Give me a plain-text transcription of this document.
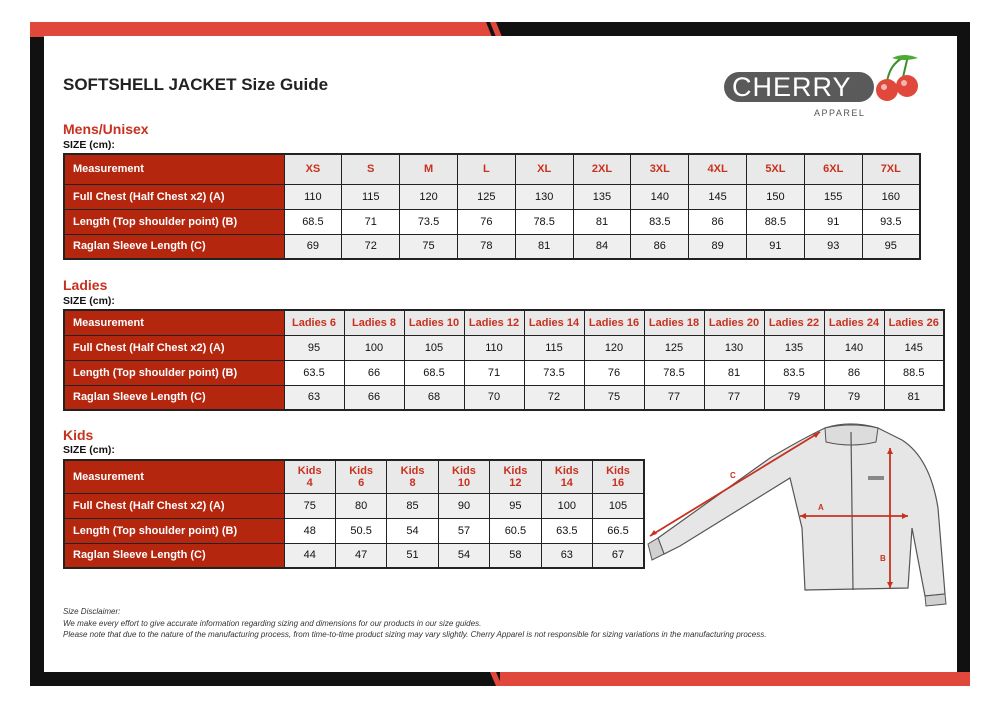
SOFTSHELL JACKET Size Guide	CHERRY
APPAREL
Mens/Unisex
SIZE (cm):
Measurement	XS	S	M	L	XL	2XL	3XL	4XL	5XL	6XL	7XL
Full Chest (Half Chest x2) (A)	110	115	120	125	130	135	140	145	150	155	160
Length (Top shoulder point) (B)	68.5	71	73.5	76	78.5	81	83.5	86	88.5	91	93.5
Raglan Sleeve Length (C)	69	72	75	78	81	84	86	89	91	93	95
Ladies
SIZE (cm):
Measurement	Ladies 6	Ladies 8	Ladies 10	Ladies 12	Ladies 14	Ladies 16	Ladies 18	Ladies 20	Ladies 22	Ladies 24	Ladies 26
Full Chest (Half Chest x2) (A)	95	100	105	110	115	120	125	130	135	140	145
Length (Top shoulder point) (B)	63.5	66	68.5	71	73.5	76	78.5	81	83.5	86	88.5
Raglan Sleeve Length (C)	63	66	68	70	72	75	77	77	79	79	81
Kids
SIZE (cm):
Measurement	Kids 4	Kids 6	Kids 8	Kids 10	Kids 12	Kids 14	Kids 16
Full Chest (Half Chest x2) (A)	75	80	85	90	95	100	105
Length (Top shoulder point) (B)	48	50.5	54	57	60.5	63.5	66.5
Raglan Sleeve Length (C)	44	47	51	54	58	63	67
A
B
C
Size Disclaimer:
We make every effort to give accurate information regarding sizing and dimensions for our products in our size guides.
Please note that due to the nature of the manufacturing process, from time-to-time product sizing may vary slightly. Cherry Apparel is not responsible for sizing variations in the manufacturing process.
